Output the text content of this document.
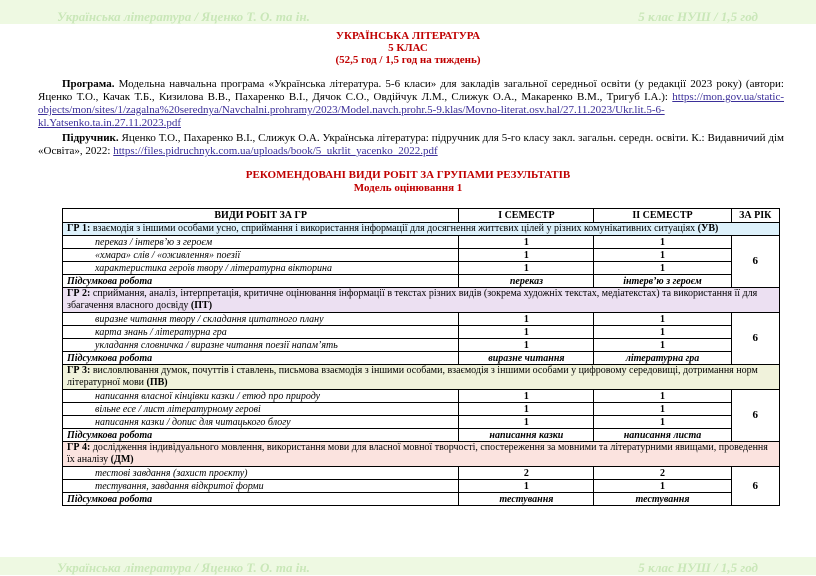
Українська література / Яценко Т. О. та ін.	5 клас НУШ / 1,5 год
УКРАЇНСЬКА ЛІТЕРАТУРА
5 КЛАС
(52,5 год / 1,5 год на тиждень)
Програма. Модельна навчальна програма «Українська література. 5-6 класи» для закладів загальної середньої освіти (у редакції 2023 року) (автори: Яценко Т.О., Качак Т.Б., Кизилова В.В., Пахаренко В.І., Дячок С.О., Овдійчук Л.М., Слижук О.А., Макаренко В.М., Тригуб І.А.): https://mon.gov.ua/static-objects/mon/sites/1/zagalna%20serednya/Navchalni.prohramy/2023/Model.navch.prohr.5-9.klas/Movno-literat.osv.hal/27.11.2023/Ukr.lit.5-6-kl.Yatsenko.ta.in.27.11.2023.pdf
Підручник. Яценко Т.О., Пахаренко В.І., Слижук О.А. Українська література: підручник для 5-го класу закл. загальн. середн. освіти. К.: Видавничий дім «Освіта», 2022: https://files.pidruchnyk.com.ua/uploads/book/5_ukrlit_yacenko_2022.pdf
РЕКОМЕНДОВАНІ ВИДИ РОБІТ ЗА ГРУПАМИ РЕЗУЛЬТАТІВ
Модель оцінювання 1
ВИДИ РОБІТ ЗА ГР	І СЕМЕСТР	ІІ СЕМЕСТР	ЗА РІК
ГР 1: взаємодія з іншими особами усно, сприймання і використання інформації для досягнення життєвих цілей у різних комунікативних ситуаціях (УВ)			
переказ / інтерв’ю з героєм	1	1	6
«хмара» слів / «оживлення» поезії	1	1	
характеристика героїв твору / літературна вікторина	1	1	
Підсумкова робота	переказ	інтерв’ю з героєм	
ГР 2: сприймання, аналіз, інтерпретація, критичне оцінювання інформації в текстах різних видів (зокрема художніх текстах, медіатекстах) та використання її для збагачення власного досвіду (ПТ)			
виразне читання твору / складання цитатного плану	1	1	6
карта знань / літературна гра	1	1	
укладання словничка / виразне читання поезії напам’ять	1	1	
Підсумкова робота	виразне читання	літературна гра	
ГР 3: висловлювання думок, почуттів і ставлень, письмова взаємодія з іншими особами, взаємодія з іншими особами у цифровому середовищі, дотримання норм літературної мови (ПВ)			
написання власної кінцівки казки / етюд про природу	1	1	6
вільне есе / лист літературному герові	1	1	
написання казки / допис для читацького блогу	1	1	
Підсумкова робота	написання казки	написання листа	
ГР 4: дослідження індивідуального мовлення, використання мови для власної мовної творчості, спостереження за мовними та літературними явищами, проведення їх аналізу (ДМ)			
тестові завдання (захист проєкту)	2	2	6
тестування, завдання відкритої форми	1	1	
Підсумкова робота	тестування	тестування	
Українська література / Яценко Т. О. та ін.	5 клас НУШ / 1,5 год
